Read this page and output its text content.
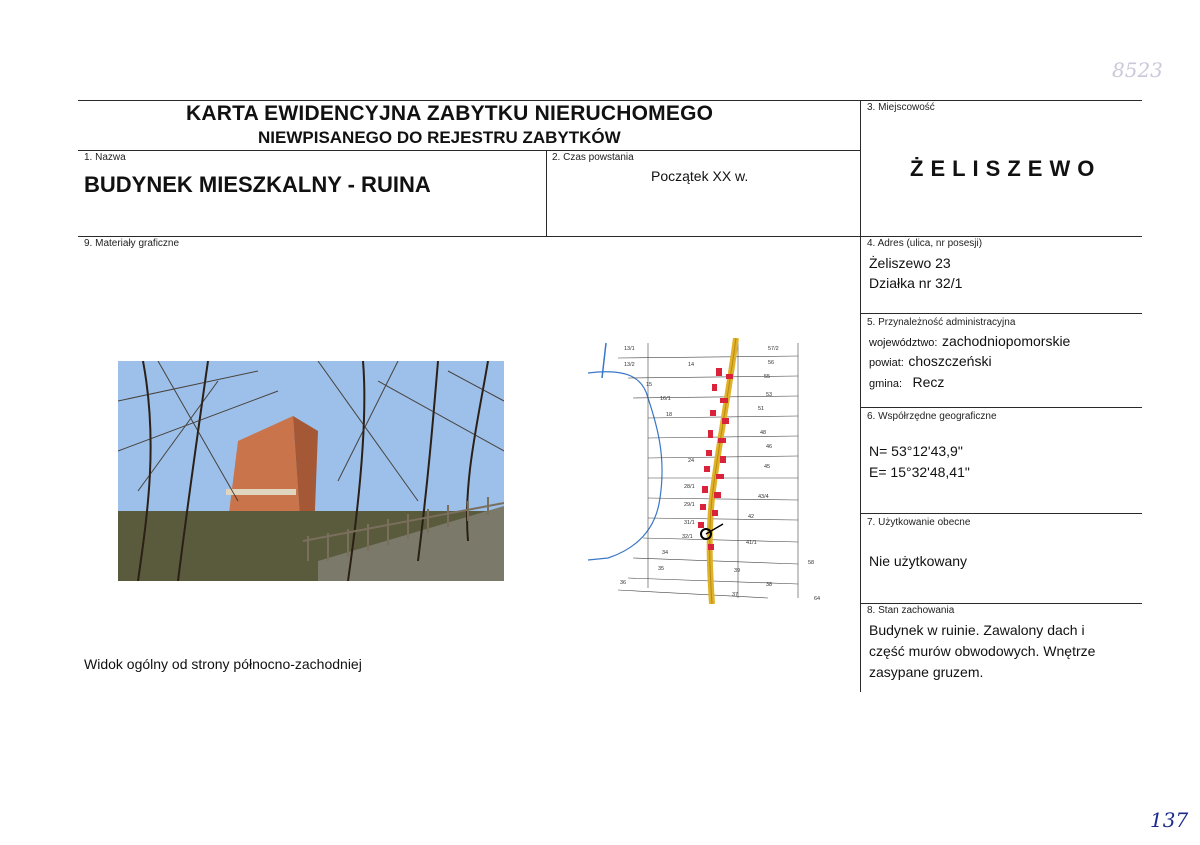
KARTA EWIDENCYJNA ZABYTKU NIERUCHOMEGO
NIEWPISANEGO DO REJESTRU ZABYTKÓW
1. Nazwa
BUDYNEK MIESZKALNY - RUINA
2. Czas powstania
Początek XX w.
3. Miejscowość
ŻELISZEWO
4. Adres (ulica, nr posesji)
Żeliszewo 23
Działka nr 32/1
5. Przynależność administracyjna
województwo: zachodniopomorskie
powiat: choszczeński
gmina: Recz
6. Współrzędne geograficzne
N= 53°12'43,9"
E= 15°32'48,41"
7. Użytkowanie obecne
Nie użytkowany
8. Stan zachowania
Budynek w ruinie. Zawalony dach i
część murów obwodowych. Wnętrze
zasypane gruzem.
9. Materiały graficzne
Widok ogólny od strony północno-zachodniej
13/1
13/2	14
15
16/1
18
24
28/1
29/1
31/1
32/1
34
35
36
37
38
39
41/1
42
43/4
45
46
48
51
53
55
56
57/2
58
64
8523
137
